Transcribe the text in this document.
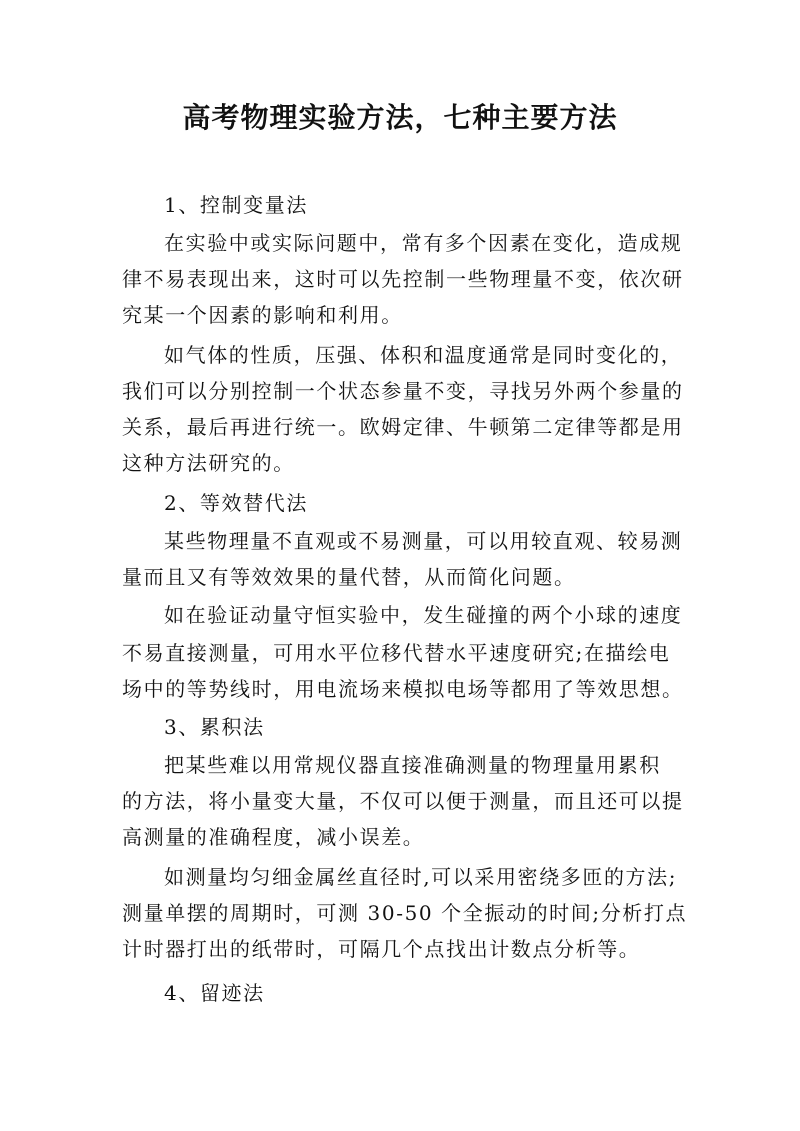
高考物理实验方法，七种主要方法
1、控制变量法
在实验中或实际问题中，常有多个因素在变化，造成规
律不易表现出来，这时可以先控制一些物理量不变，依次研
究某一个因素的影响和利用。
如气体的性质，压强、体积和温度通常是同时变化的，
我们可以分别控制一个状态参量不变，寻找另外两个参量的
关系，最后再进行统一。欧姆定律、牛顿第二定律等都是用
这种方法研究的。
2、等效替代法
某些物理量不直观或不易测量，可以用较直观、较易测
量而且又有等效效果的量代替，从而简化问题。
如在验证动量守恒实验中，发生碰撞的两个小球的速度
不易直接测量，可用水平位移代替水平速度研究;在描绘电
场中的等势线时，用电流场来模拟电场等都用了等效思想。
3、累积法
把某些难以用常规仪器直接准确测量的物理量用累积
的方法，将小量变大量，不仅可以便于测量，而且还可以提
高测量的准确程度，减小误差。
如测量均匀细金属丝直径时,可以采用密绕多匝的方法;
测量单摆的周期时，可测 30-50 个全振动的时间;分析打点
计时器打出的纸带时，可隔几个点找出计数点分析等。
4、留迹法
